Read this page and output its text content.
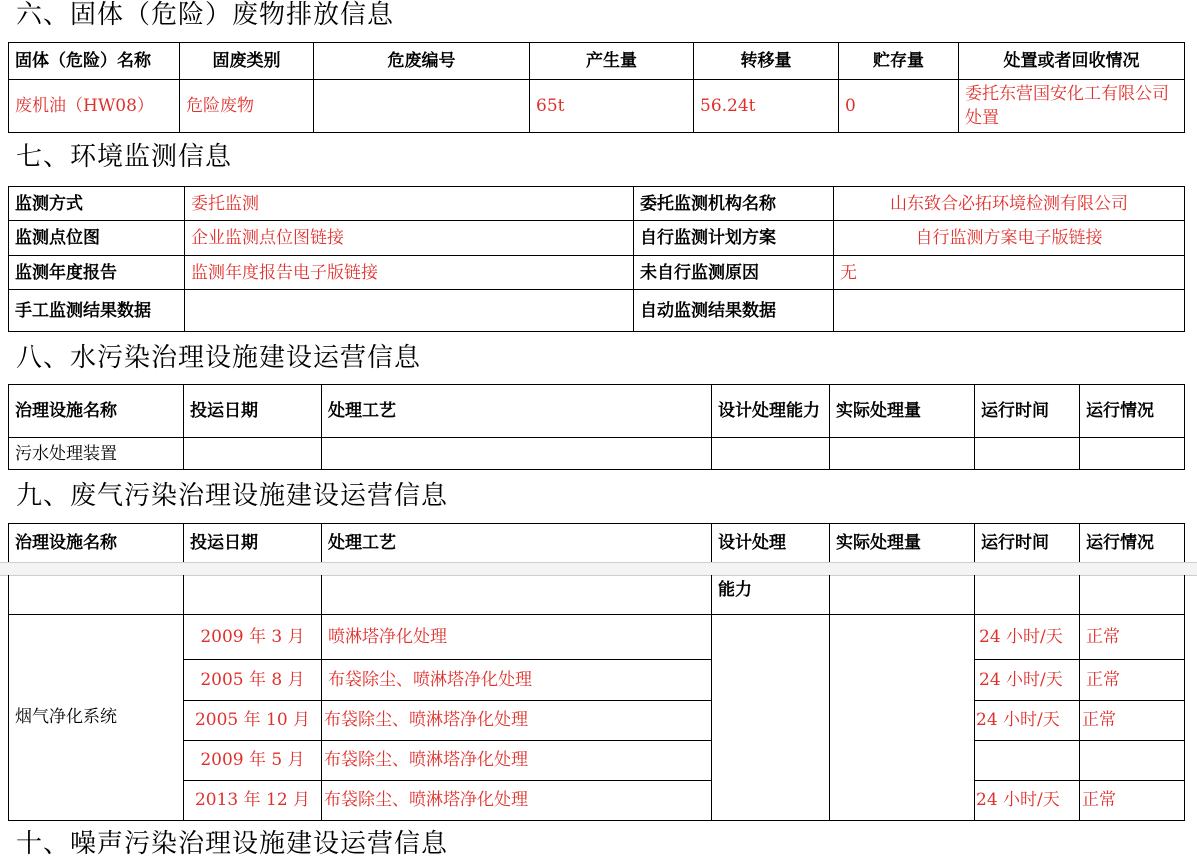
六、固体（危险）废物排放信息
固体（危险）名称	固废类别	危废编号	产生量	转移量	贮存量	处置或者回收情况
废机油（HW08）	危险废物		65t	56.24t	0	委托东营国安化工有限公司处置
七、环境监测信息
监测方式	委托监测	委托监测机构名称	山东致合必拓环境检测有限公司
监测点位图	企业监测点位图链接	自行监测计划方案	自行监测方案电子版链接
监测年度报告	监测年度报告电子版链接	未自行监测原因	无
手工监测结果数据		自动监测结果数据	
八、水污染治理设施建设运营信息
治理设施名称	投运日期	处理工艺	设计处理能力	实际处理量	运行时间	运行情况
污水处理装置						
九、废气污染治理设施建设运营信息
治理设施名称	投运日期	处理工艺	设计处理	实际处理量	运行时间	运行情况
			能力			
烟气净化系统	2009 年 3 月	喷淋塔净化处理			24 小时/天	正常
	2005 年 8 月	布袋除尘、喷淋塔净化处理			24 小时/天	正常
	2005 年 10 月	布袋除尘、喷淋塔净化处理			24 小时/天	正常
	2009 年 5 月	布袋除尘、喷淋塔净化处理				
	2013 年 12 月	布袋除尘、喷淋塔净化处理			24 小时/天	正常
十、噪声污染治理设施建设运营信息
